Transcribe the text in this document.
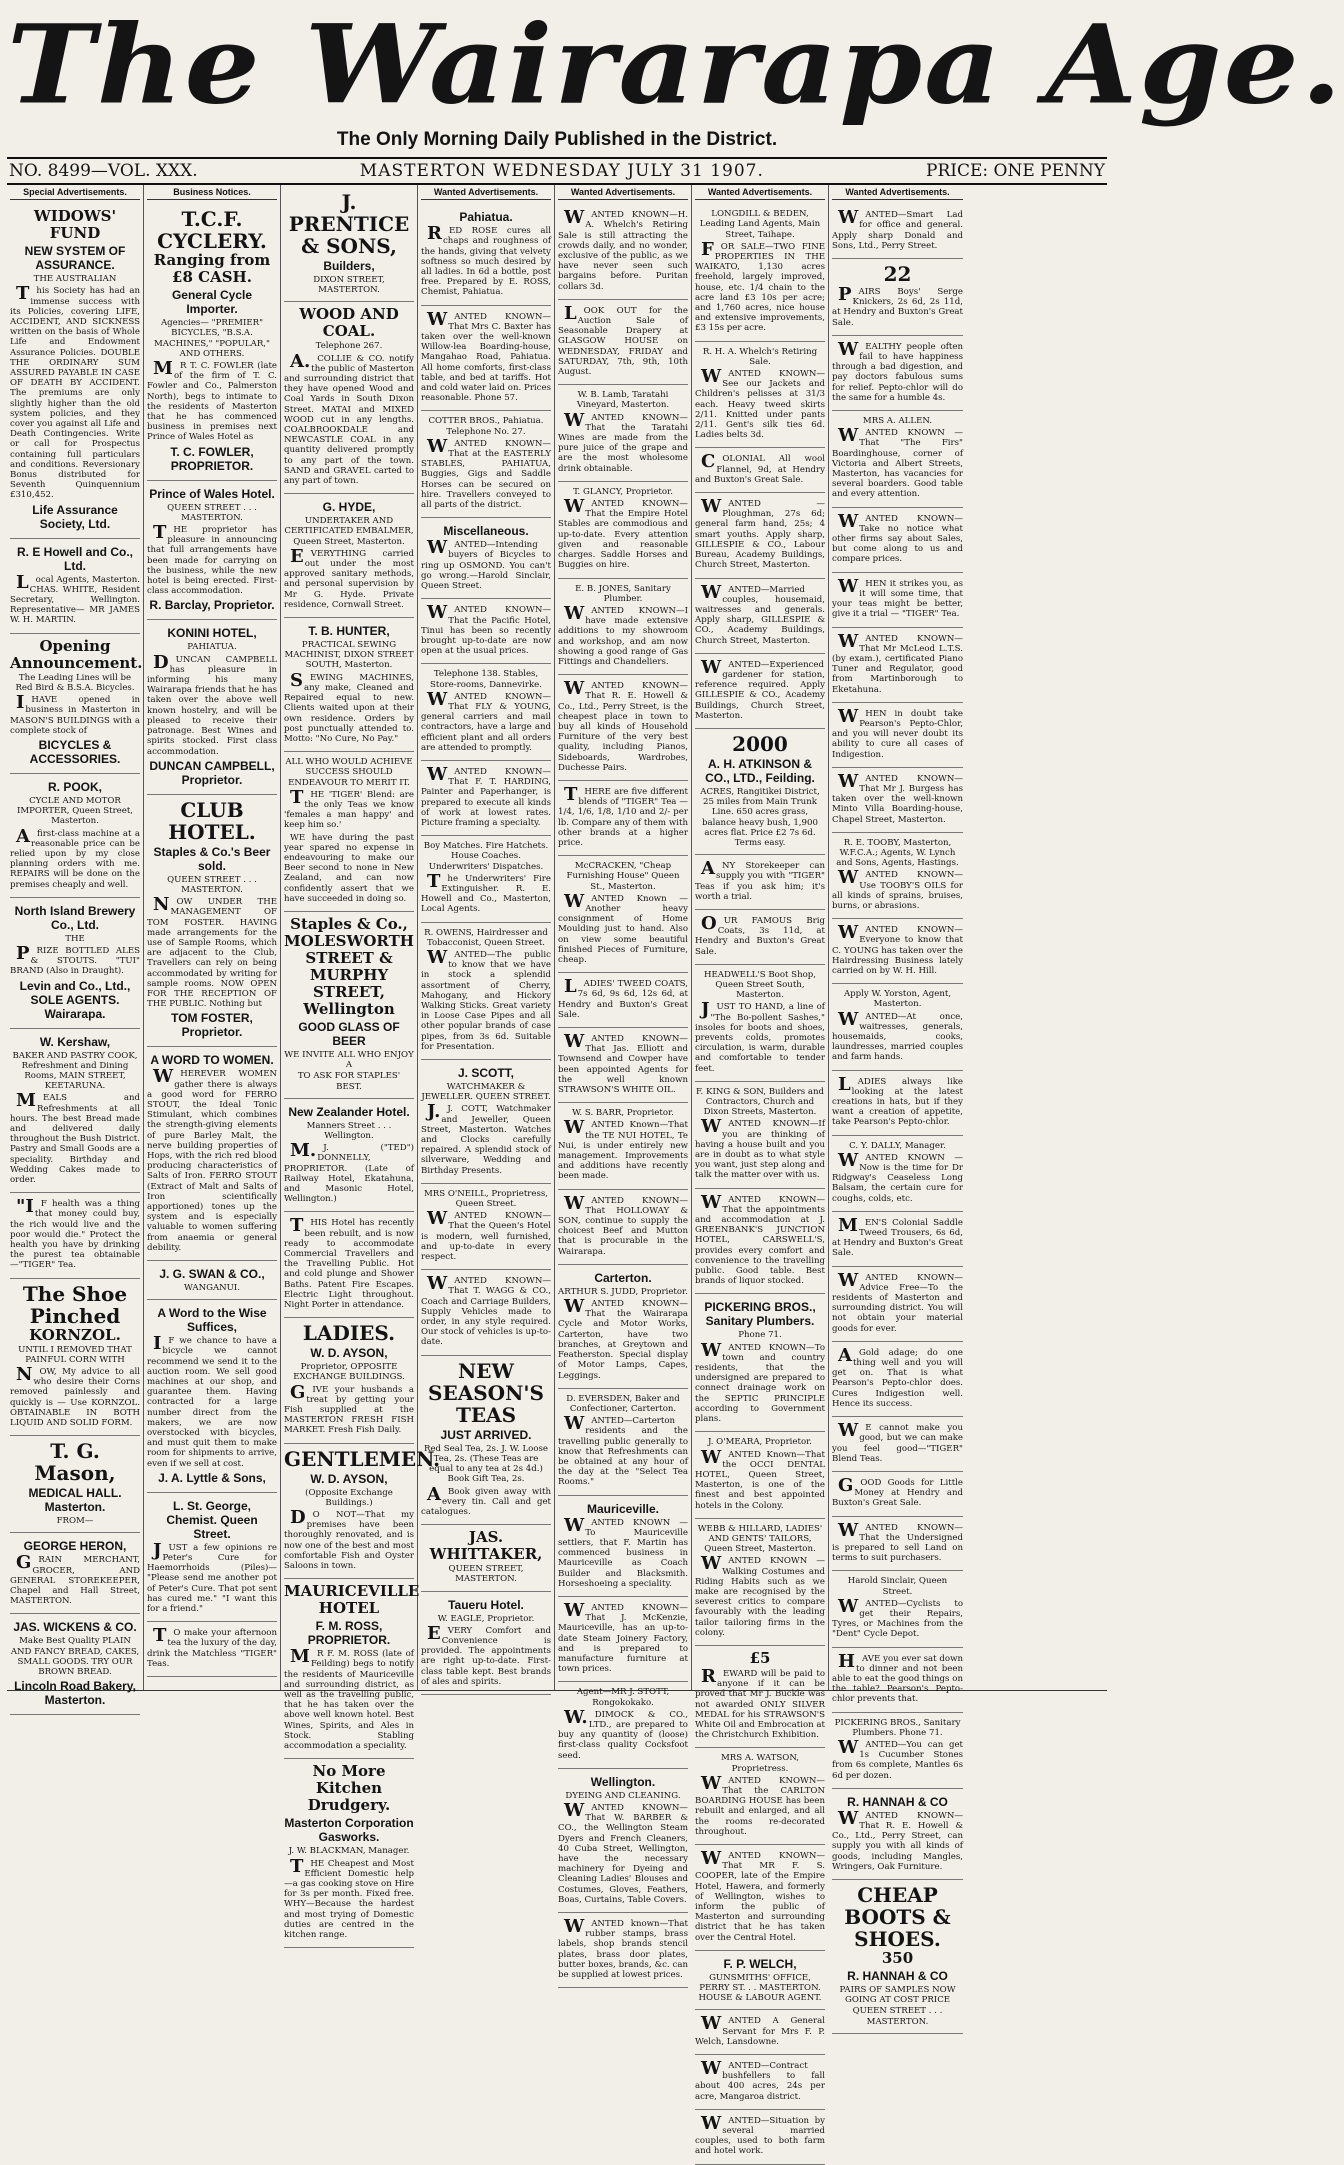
The Wairarapa Age.
The Only Morning Daily Published in the District.
NO. 8499—VOL. XXX.	MASTERTON WEDNESDAY JULY 31 1907.	PRICE: ONE PENNY
Special Advertisements.
WIDOWS' FUND
NEW SYSTEM OF ASSURANCE.
THE AUSTRALIAN
This Society has had an immense success with its Policies, covering LIFE, ACCIDENT, AND SICKNESS written on the basis of Whole Life and Endowment Assurance Policies. DOUBLE THE ORDINARY SUM ASSURED PAYABLE IN CASE OF DEATH BY ACCIDENT. The premiums are only slightly higher than the old system policies, and they cover you against all Life and Death Contingencies. Write or call for Prospectus containing full particulars and conditions. Reversionary Bonus distributed for Seventh Quinquennium £310,452.
Life Assurance Society, Ltd.
R. E Howell and Co., Ltd.
Local Agents, Masterton. CHAS. WHITE, Resident Secretary, Wellington. Representative— MR JAMES W. H. MARTIN.
Opening Announcement.
The Leading Lines will be Red Bird & B.S.A. Bicycles.
IHAVE opened in business in Masterton in MASON'S BUILDINGS with a complete stock of
BICYCLES & ACCESSORIES.
R. POOK,
CYCLE AND MOTOR IMPORTER, Queen Street, Masterton.
Afirst-class machine at a reasonable price can be relied upon by my close planning orders with me. REPAIRS will be done on the premises cheaply and well.
North Island Brewery Co., Ltd.
THE
PRIZE BOTTLED ALES & STOUTS. "TUI" BRAND (Also in Draught).
Levin and Co., Ltd., SOLE AGENTS. Wairarapa.
W. Kershaw,
BAKER AND PASTRY COOK, Refreshment and Dining Rooms, MAIN STREET, KEETARUNA.
MEALS and Refreshments at all hours. The best Bread made and delivered daily throughout the Bush District. Pastry and Small Goods are a speciality. Birthday and Wedding Cakes made to order.
"IF health was a thing that money could buy, the rich would live and the poor would die." Protect the health you have by drinking the purest tea obtainable—"TIGER" Tea.
The Shoe Pinched
KORNZOL.
UNTIL I REMOVED THAT PAINFUL CORN WITH
NOW, My advice to all who desire their Corns removed painlessly and quickly is — Use KORNZOL. OBTAINABLE IN BOTH LIQUID AND SOLID FORM.
T. G. Mason,
MEDICAL HALL. Masterton.
FROM—
GEORGE HERON,
GRAIN MERCHANT, GROCER, AND GENERAL STOREKEEPER, Chapel and Hall Street, MASTERTON.
JAS. WICKENS & CO.
Make Best Quality PLAIN AND FANCY BREAD, CAKES, SMALL GOODS. TRY OUR BROWN BREAD.
Lincoln Road Bakery, Masterton.
Business Notices.
T.C.F. CYCLERY.
Ranging from £8 CASH.
General Cycle Importer.
Agencies— "PREMIER" BICYCLES, "B.S.A. MACHINES," "POPULAR," AND OTHERS.
MR T. C. FOWLER (late of the firm of T. C. Fowler and Co., Palmerston North), begs to intimate to the residents of Masterton that he has commenced business in premises next Prince of Wales Hotel as
T. C. FOWLER, PROPRIETOR.
Prince of Wales Hotel.
QUEEN STREET . . . MASTERTON.
THE proprietor has pleasure in announcing that full arrangements have been made for carrying on the business, while the new hotel is being erected. First-class accommodation.
R. Barclay, Proprietor.
KONINI HOTEL,
PAHIATUA.
DUNCAN CAMPBELL has pleasure in informing his many Wairarapa friends that he has taken over the above well known hostelry, and will be pleased to receive their patronage. Best Wines and spirits stocked. First class accommodation.
DUNCAN CAMPBELL, Proprietor.
CLUB HOTEL.
Staples & Co.'s Beer sold.
QUEEN STREET . . . MASTERTON.
NOW UNDER THE MANAGEMENT OF TOM FOSTER. HAVING made arrangements for the use of Sample Rooms, which are adjacent to the Club, Travellers can rely on being accommodated by writing for sample rooms. NOW OPEN FOR THE RECEPTION OF THE PUBLIC. Nothing but
TOM FOSTER, Proprietor.
A WORD TO WOMEN.
WHEREVER WOMEN gather there is always a good word for FERRO STOUT, the Ideal Tonic Stimulant, which combines the strength-giving elements of pure Barley Malt, the nerve building properties of Hops, with the rich red blood producing characteristics of Salts of Iron. FERRO STOUT (Extract of Malt and Salts of Iron scientifically apportioned) tones up the system and is especially valuable to women suffering from anaemia or general debility.
J. G. SWAN & CO.,
WANGANUI.
A Word to the Wise Suffices,
IF we chance to have a bicycle we cannot recommend we send it to the auction room. We sell good machines at our shop, and guarantee them. Having contracted for a large number direct from the makers, we are now overstocked with bicycles, and must quit them to make room for shipments to arrive, even if we sell at cost.
J. A. Lyttle & Sons,
L. St. George, Chemist. Queen Street.
JUST a few opinions re Peter's Cure for Haemorrhoids (Piles)— "Please send me another pot of Peter's Cure. That pot sent has cured me." "I want this for a friend."
TO make your afternoon tea the luxury of the day, drink the Matchless "TIGER" Teas.
J. PRENTICE & SONS,
Builders,
DIXON STREET, MASTERTON.
WOOD AND COAL.
Telephone 267.
A.COLLIE & CO. notify the public of Masterton and surrounding district that they have opened Wood and Coal Yards in South Dixon Street. MATAI and MIXED WOOD cut in any lengths. COALBROOKDALE and NEWCASTLE COAL in any quantity delivered promptly to any part of the town. SAND and GRAVEL carted to any part of town.
G. HYDE,
UNDERTAKER AND CERTIFICATED EMBALMER, Queen Street, Masterton.
EVERYTHING carried out under the most approved sanitary methods, and personal supervision by Mr G. Hyde. Private residence, Cornwall Street.
T. B. HUNTER,
PRACTICAL SEWING MACHINIST, DIXON STREET SOUTH, Masterton.
SEWING MACHINES, any make, Cleaned and Repaired equal to new. Clients waited upon at their own residence. Orders by post punctually attended to. Motto: "No Cure, No Pay."
ALL WHO WOULD ACHIEVE SUCCESS SHOULD ENDEAVOUR TO MERIT IT.
THE 'TIGER' Blend: are the only Teas we know 'females a man happy' and keep him so.'
WE have during the past year spared no expense in endeavouring to make our Beer second to none in New Zealand, and can now confidently assert that we have succeeded in doing so.
Staples & Co., MOLESWORTH STREET & MURPHY STREET, Wellington
GOOD GLASS OF BEER
WE INVITE ALL WHO ENJOY A
TO ASK FOR STAPLES' BEST.
New Zealander Hotel.
Manners Street . . . Wellington.
M.J. ("TED") DONNELLY, PROPRIETOR. (Late of Railway Hotel, Ekatahuna, and Masonic Hotel, Wellington.)
THIS Hotel has recently been rebuilt, and is now ready to accommodate Commercial Travellers and the Travelling Public. Hot and cold plunge and Shower Baths. Patent Fire Escapes. Electric Light throughout. Night Porter in attendance.
LADIES.
W. D. AYSON,
Proprietor, OPPOSITE EXCHANGE BUILDINGS.
GIVE your husbands a treat by getting your Fish supplied at the MASTERTON FRESH FISH MARKET. Fresh Fish Daily.
GENTLEMEN.
W. D. AYSON,
(Opposite Exchange Buildings.)
DO NOT—That my premises have been thoroughly renovated, and is now one of the best and most comfortable Fish and Oyster Saloons in town.
MAURICEVILLE HOTEL
F. M. ROSS, PROPRIETOR.
MR F. M. ROSS (late of Feilding) begs to notify the residents of Mauriceville and surrounding district, as well as the travelling public, that he has taken over the above well known hotel. Best Wines, Spirits, and Ales in Stock. Stabling accommodation a speciality.
No More Kitchen Drudgery.
Masterton Corporation Gasworks.
J. W. BLACKMAN, Manager.
THE Cheapest and Most Efficient Domestic help—a gas cooking stove on Hire for 3s per month. Fixed free. WHY—Because the hardest and most trying of Domestic duties are centred in the kitchen range.
Wanted Advertisements.
Pahiatua.
RED ROSE cures all chaps and roughness of the hands, giving that velvety softness so much desired by all ladies. In 6d a bottle, post free. Prepared by E. ROSS, Chemist, Pahiatua.
WANTED KNOWN—That Mrs C. Baxter has taken over the well-known Willow-lea Boarding-house, Mangahao Road, Pahiatua. All home comforts, first-class table, and bed at tariffs. Hot and cold water laid on. Prices reasonable. Phone 57.
COTTER BROS., Pahiatua. Telephone No. 27.
WANTED KNOWN—That at the EASTERLY STABLES, PAHIATUA, Buggies, Gigs and Saddle Horses can be secured on hire. Travellers conveyed to all parts of the district.
Miscellaneous.
WANTED—Intending buyers of Bicycles to ring up OSMOND. You can't go wrong.—Harold Sinclair, Queen Street.
WANTED KNOWN—That the Pacific Hotel, Tinui has been so recently brought up-to-date are now open at the usual prices.
Telephone 138. Stables, Store-rooms, Dannevirke.
WANTED KNOWN—That FLY & YOUNG, general carriers and mail contractors, have a large and efficient plant and all orders are attended to promptly.
WANTED KNOWN—That F. T. HARDING, Painter and Paperhanger, is prepared to execute all kinds of work at lowest rates. Picture framing a specialty.
Boy Matches. Fire Hatchets. House Coaches. Underwriters' Dispatches.
The Underwriters' Fire Extinguisher. R. E. Howell and Co., Masterton, Local Agents.
R. OWENS, Hairdresser and Tobacconist, Queen Street.
WANTED—The public to know that we have in stock a splendid assortment of Cherry, Mahogany, and Hickory Walking Sticks. Great variety in Loose Case Pipes and all other popular brands of case pipes, from 3s 6d. Suitable for Presentation.
J. SCOTT,
WATCHMAKER & JEWELLER. QUEEN STREET.
J.J. COTT, Watchmaker and Jeweller, Queen Street, Masterton. Watches and Clocks carefully repaired. A splendid stock of silverware, Wedding and Birthday Presents.
MRS O'NEILL, Proprietress, Queen Street.
WANTED KNOWN—That the Queen's Hotel is modern, well furnished, and up-to-date in every respect.
WANTED KNOWN—That T. WAGG & CO., Coach and Carriage Builders, Supply Vehicles made to order, in any style required. Our stock of vehicles is up-to-date.
NEW SEASON'S TEAS
JUST ARRIVED.
Red Seal Tea, 2s. J. W. Loose Tea, 2s. (These Teas are equal to any tea at 2s 4d.) Book Gift Tea, 2s.
ABook given away with every tin. Call and get catalogues.
JAS. WHITTAKER,
QUEEN STREET, MASTERTON.
Taueru Hotel.
W. EAGLE, Proprietor.
EVERY Comfort and Convenience is provided. The appointments are right up-to-date. First-class table kept. Best brands of ales and spirits.
Wanted Advertisements.
WANTED KNOWN—H. A. Whelch's Retiring Sale is still attracting the crowds daily, and no wonder, exclusive of the public, as we have never seen such bargains before. Puritan collars 3d.
LOOK OUT for the Auction Sale of Seasonable Drapery at GLASGOW HOUSE on WEDNESDAY, FRIDAY and SATURDAY, 7th, 9th, 10th August.
W. B. Lamb, Taratahi Vineyard, Masterton.
WANTED KNOWN—That the Taratahi Wines are made from the pure juice of the grape and are the most wholesome drink obtainable.
T. GLANCY, Proprietor.
WANTED KNOWN—That the Empire Hotel Stables are commodious and up-to-date. Every attention given and reasonable charges. Saddle Horses and Buggies on hire.
E. B. JONES, Sanitary Plumber.
WANTED KNOWN—I have made extensive additions to my showroom and workshop, and am now showing a good range of Gas Fittings and Chandeliers.
WANTED KNOWN—That R. E. Howell & Co., Ltd., Perry Street, is the cheapest place in town to buy all kinds of Household Furniture of the very best quality, including Pianos, Sideboards, Wardrobes, Duchesse Pairs.
THERE are five different blends of "TIGER" Tea — 1/4, 1/6, 1/8, 1/10 and 2/- per lb. Compare any of them with other brands at a higher price.
McCRACKEN, "Cheap Furnishing House" Queen St., Masterton.
WANTED Known — Another heavy consignment of Home Moulding just to hand. Also on view some beautiful finished Pieces of Furniture, cheap.
LADIES' TWEED COATS, 7s 6d, 9s 6d, 12s 6d, at Hendry and Buxton's Great Sale.
WANTED KNOWN—That Jas. Elliott and Townsend and Cowper have been appointed Agents for the well known STRAWSON'S WHITE OIL.
W. S. BARR, Proprietor.
WANTED Known—That the TE NUI HOTEL, Te Nui, is under entirely new management. Improvements and additions have recently been made.
WANTED KNOWN—That HOLLOWAY & SON, continue to supply the choicest Beef and Mutton that is procurable in the Wairarapa.
Carterton.
ARTHUR S. JUDD, Proprietor.
WANTED KNOWN—That the Wairarapa Cycle and Motor Works, Carterton, have two branches, at Greytown and Featherston. Special display of Motor Lamps, Capes, Leggings.
D. EVERSDEN, Baker and Confectioner, Carterton.
WANTED—Carterton residents and the travelling public generally to know that Refreshments can be obtained at any hour of the day at the "Select Tea Rooms."
Mauriceville.
WANTED KNOWN — To Mauriceville settlers, that F. Martin has commenced business in Mauriceville as Coach Builder and Blacksmith. Horseshoeing a speciality.
WANTED KNOWN—That J. McKenzie, Mauriceville, has an up-to-date Steam Joinery Factory, and is prepared to manufacture furniture at town prices.
Agent—MR J. STOTT, Rongokokako.
W.DIMOCK & CO., LTD., are prepared to buy any quantity of (loose) first-class quality Cocksfoot seed.
Wellington.
DYEING AND CLEANING.
WANTED KNOWN—That W. BARBER & CO., the Wellington Steam Dyers and French Cleaners, 40 Cuba Street, Wellington, have the necessary machinery for Dyeing and Cleaning Ladies' Blouses and Costumes, Gloves, Feathers, Boas, Curtains, Table Covers.
WANTED known—That rubber stamps, brass labels, shop brands stencil plates, brass door plates, butter boxes, brands, &c. can be supplied at lowest prices.
Wanted Advertisements.
LONGDILL & BEDEN, Leading Land Agents, Main Street, Taihape.
FOR SALE—TWO FINE PROPERTIES IN THE WAIKATO, 1,130 acres freehold, largely improved, house, etc. 1/4 chain to the acre land £3 10s per acre; and 1,760 acres, nice house and extensive improvements, £3 15s per acre.
R. H. A. Whelch's Retiring Sale.
WANTED KNOWN—See our Jackets and Children's pelisses at 31/3 each. Heavy tweed skirts 2/11. Knitted under pants 2/11. Gent's silk ties 6d. Ladies belts 3d.
COLONIAL All wool Flannel, 9d, at Hendry and Buxton's Great Sale.
WANTED — Ploughman, 27s 6d; general farm hand, 25s; 4 smart youths. Apply sharp, GILLESPIE & CO., Labour Bureau, Academy Buildings, Church Street, Masterton.
WANTED—Married couples, housemaid, waitresses and generals. Apply sharp, GILLESPIE & CO., Academy Buildings, Church Street, Masterton.
WANTED—Experienced gardener for station, reference required. Apply GILLESPIE & CO., Academy Buildings, Church Street, Masterton.
2000
A. H. ATKINSON & CO., LTD., Feilding.
ACRES, Rangitikei District, 25 miles from Main Trunk Line. 650 acres grass, balance heavy bush, 1,900 acres flat. Price £2 7s 6d. Terms easy.
ANY Storekeeper can supply you with "TIGER" Teas if you ask him; it's worth a trial.
OUR FAMOUS Brig Coats, 3s 11d, at Hendry and Buxton's Great Sale.
HEADWELL'S Boot Shop, Queen Street South, Masterton.
JUST TO HAND, a line of "The Bo-pollent Sashes," insoles for boots and shoes, prevents colds, promotes circulation, is warm, durable and comfortable to tender feet.
F. KING & SON, Builders and Contractors, Church and Dixon Streets, Masterton.
WANTED KNOWN—If you are thinking of having a house built and you are in doubt as to what style you want, just step along and talk the matter over with us.
WANTED KNOWN—That the appointments and accommodation at J. GREENBANK'S JUNCTION HOTEL, CARSWELL'S, provides every comfort and convenience to the travelling public. Good table. Best brands of liquor stocked.
PICKERING BROS., Sanitary Plumbers.
Phone 71.
WANTED KNOWN—To town and country residents, that the undersigned are prepared to connect drainage work on the SEPTIC PRINCIPLE according to Government plans.
J. O'MEARA, Proprietor.
WANTED Known—That the OCCI DENTAL HOTEL, Queen Street, Masterton, is one of the finest and best appointed hotels in the Colony.
WEBB & HILLARD, LADIES' AND GENTS' TAILORS, Queen Street, Masterton.
WANTED KNOWN — Walking Costumes and Riding Habits such as we make are recognised by the severest critics to compare favourably with the leading tailor tailoring firms in the colony.
£5
REWARD will be paid to anyone if it can be proved that Mr J. Buckle was not awarded ONLY SILVER MEDAL for his STRAWSON'S White Oil and Embrocation at the Christchurch Exhibition.
MRS A. WATSON, Proprietress.
WANTED KNOWN—That the CARLTON BOARDING HOUSE has been rebuilt and enlarged, and all the rooms re-decorated throughout.
WANTED KNOWN—That MR F. S. COOPER, late of the Empire Hotel, Hawera, and formerly of Wellington, wishes to inform the public of Masterton and surrounding district that he has taken over the Central Hotel.
F. P. WELCH,
GUNSMITHS' OFFICE, PERRY ST. . . MASTERTON. HOUSE & LABOUR AGENT.
WANTED A General Servant for Mrs F. P. Welch, Lansdowne.
WANTED—Contract bushfellers to fall about 400 acres, 24s per acre, Mangaroa district.
WANTED—Situation by several married couples, used to both farm and hotel work.
Wanted Advertisements.
WANTED—Smart Lad for office and general. Apply sharp Donald and Sons, Ltd., Perry Street.
22
PAIRS Boys' Serge Knickers, 2s 6d, 2s 11d, at Hendry and Buxton's Great Sale.
WEALTHY people often fail to have happiness through a bad digestion, and pay doctors fabulous sums for relief. Pepto-chlor will do the same for a humble 4s.
MRS A. ALLEN.
WANTED KNOWN — That "The Firs" Boardinghouse, corner of Victoria and Albert Streets, Masterton, has vacancies for several boarders. Good table and every attention.
WANTED KNOWN—Take no notice what other firms say about Sales, but come along to us and compare prices.
WHEN it strikes you, as it will some time, that your teas might be better, give it a trial — "TIGER" Tea.
WANTED KNOWN—That Mr McLeod L.T.S. (by exam.), certificated Piano Tuner and Regulator, good from Martinborough to Eketahuna.
WHEN in doubt take Pearson's Pepto-Chlor, and you will never doubt its ability to cure all cases of Indigestion.
WANTED KNOWN—That Mr J. Burgess has taken over the well-known Minto Villa Boarding-house, Chapel Street, Masterton.
R. E. TOOBY, Masterton, W.F.C.A.; Agents, W. Lynch and Sons, Agents, Hastings.
WANTED KNOWN— Use TOOBY'S OILS for all kinds of sprains, bruises, burns, or abrasions.
WANTED KNOWN—Everyone to know that C. YOUNG has taken over the Hairdressing Business lately carried on by W. H. Hill.
Apply W. Yorston, Agent, Masterton.
WANTED—At once, waitresses, generals, housemaids, cooks, laundresses, married couples and farm hands.
LADIES always like looking at the latest creations in hats, but if they want a creation of appetite, take Pearson's Pepto-chlor.
C. Y. DALLY, Manager.
WANTED KNOWN — Now is the time for Dr Ridgway's Ceaseless Long Balsam, the certain cure for coughs, colds, etc.
MEN'S Colonial Saddle Tweed Trousers, 6s 6d, at Hendry and Buxton's Great Sale.
WANTED KNOWN—Advice Free—To the residents of Masterton and surrounding district. You will not obtain your material goods for ever.
AGold adage; do one thing well and you will get on. That is what Pearson's Pepto-chlor does. Cures Indigestion well. Hence its success.
WE cannot make you good, but we can make you feel good—"TIGER" Blend Teas.
GOOD Goods for Little Money at Hendry and Buxton's Great Sale.
WANTED KNOWN—That the Undersigned is prepared to sell Land on terms to suit purchasers.
Harold Sinclair, Queen Street.
WANTED—Cyclists to get their Repairs, Tyres, or Machines from the "Dent" Cycle Depot.
HAVE you ever sat down to dinner and not been able to eat the good things on the table? Pearson's Pepto-chlor prevents that.
PICKERING BROS., Sanitary Plumbers. Phone 71.
WANTED—You can get 1s Cucumber Stones from 6s complete, Mantles 6s 6d per dozen.
R. HANNAH & CO
WANTED KNOWN—That R. E. Howell & Co., Ltd., Perry Street, can supply you with all kinds of goods, including Mangles, Wringers, Oak Furniture.
CHEAP BOOTS & SHOES.
350
R. HANNAH & CO
PAIRS OF SAMPLES NOW GOING AT COST PRICE
QUEEN STREET . . . MASTERTON.
